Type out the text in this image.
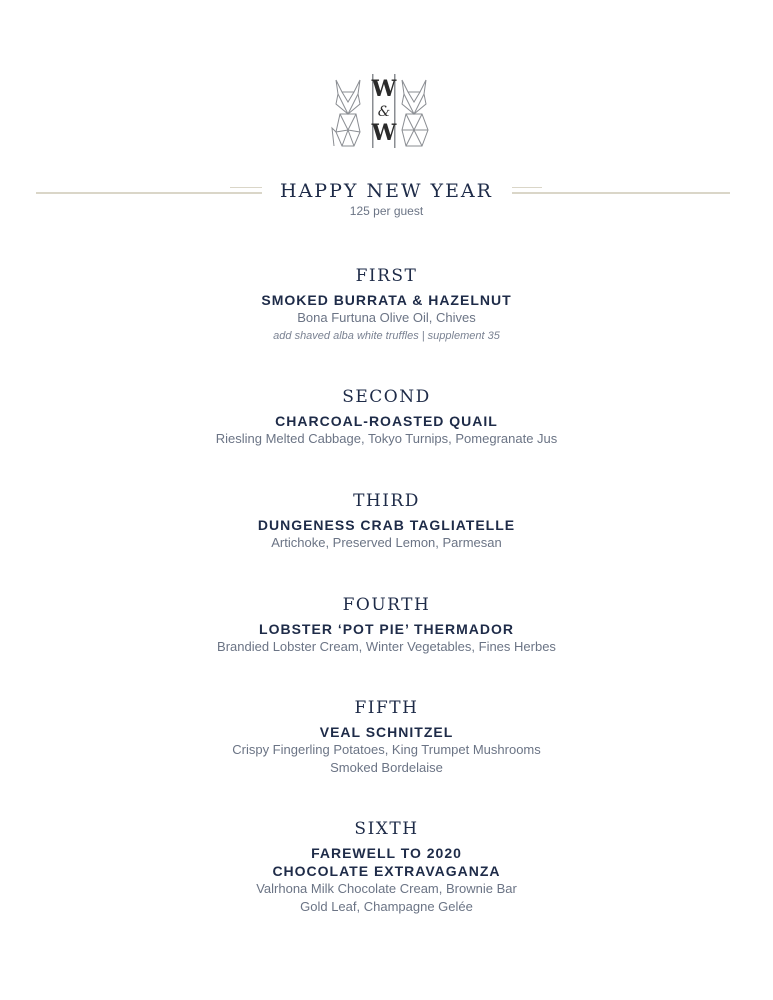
W
&
W
HAPPY NEW YEAR
125 per guest
FIRST
SMOKED BURRATA & HAZELNUT
Bona Furtuna Olive Oil, Chives
add shaved alba white truffles | supplement 35
SECOND
CHARCOAL-ROASTED QUAIL
Riesling Melted Cabbage, Tokyo Turnips, Pomegranate Jus
THIRD
DUNGENESS CRAB TAGLIATELLE
Artichoke, Preserved Lemon, Parmesan
FOURTH
LOBSTER ‘POT PIE’ THERMADOR
Brandied Lobster Cream, Winter Vegetables, Fines Herbes
FIFTH
VEAL SCHNITZEL
Crispy Fingerling Potatoes, King Trumpet Mushrooms
Smoked Bordelaise
SIXTH
FAREWELL TO 2020
CHOCOLATE EXTRAVAGANZA
Valrhona Milk Chocolate Cream, Brownie Bar
Gold Leaf, Champagne Gelée
